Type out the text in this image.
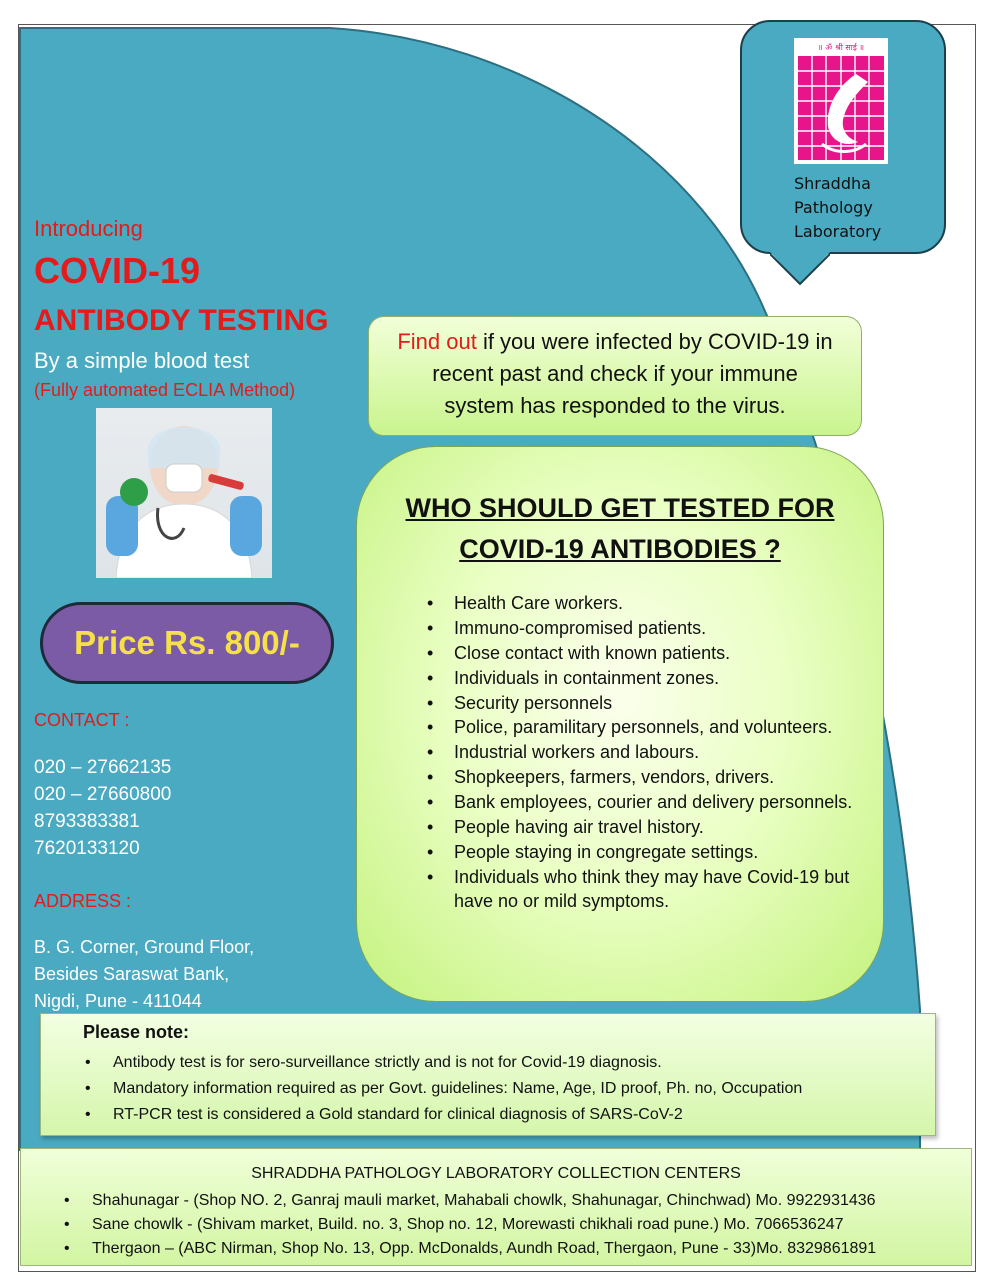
॥ ॐ श्री साई ॥
Shraddha
Pathology
Laboratory
Introducing
COVID-19
ANTIBODY TESTING
By a simple blood test
(Fully automated ECLIA Method)
Price Rs. 800/-
CONTACT :
020 – 27662135
020 – 27660800
8793383381
7620133120
ADDRESS :
B. G. Corner, Ground Floor,
Besides Saraswat Bank,
Nigdi, Pune - 411044
Find out if you were infected by COVID-19 in
recent past and check if your immune
system has responded to the virus.
WHO SHOULD GET TESTED FOR
COVID-19 ANTIBODIES ?
• Health Care workers.
• Immuno-compromised patients.
• Close contact with known patients.
• Individuals in containment zones.
• Security personnels
• Police, paramilitary personnels, and volunteers.
• Industrial workers and labours.
• Shopkeepers, farmers, vendors, drivers.
• Bank employees, courier and delivery personnels.
• People having air travel history.
• People staying in congregate settings.
• Individuals who think they may have Covid-19 but have no or mild symptoms.
Please note:
• Antibody test is for sero-surveillance strictly and is not for Covid-19 diagnosis.
• Mandatory information required as per Govt. guidelines: Name, Age, ID proof, Ph. no, Occupation
• RT-PCR test is considered a Gold standard for clinical diagnosis of SARS-CoV-2
SHRADDHA PATHOLOGY LABORATORY COLLECTION CENTERS
• Shahunagar - (Shop NO. 2, Ganraj mauli market, Mahabali chowlk, Shahunagar, Chinchwad) Mo. 9922931436
• Sane chowlk - (Shivam market, Build. no. 3, Shop no. 12, Morewasti chikhali road pune.) Mo. 7066536247
• Thergaon – (ABC Nirman, Shop No. 13, Opp. McDonalds, Aundh Road, Thergaon, Pune - 33)Mo. 8329861891
